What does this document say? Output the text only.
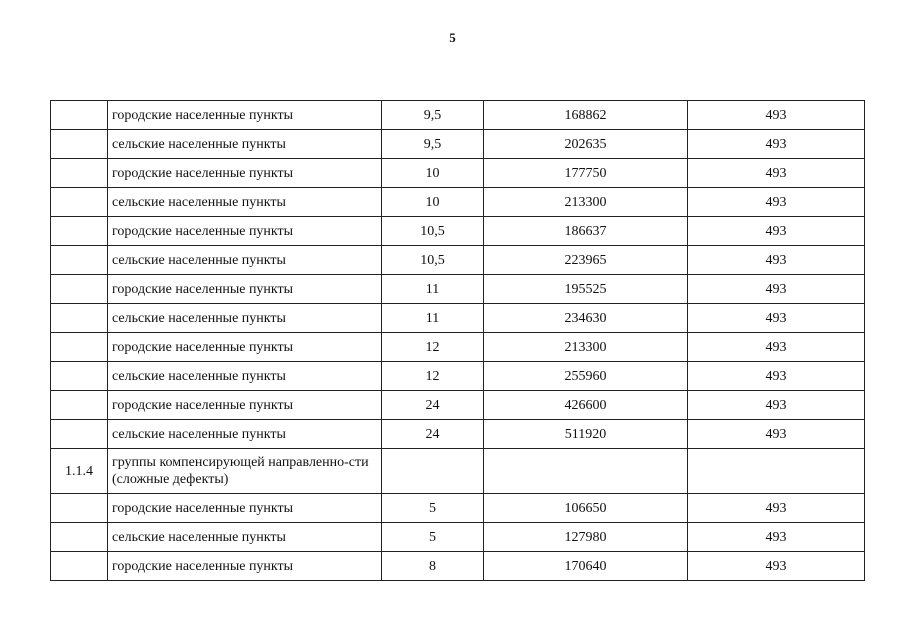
5
	городские населенные пункты	9,5	168862	493
	сельские населенные пункты	9,5	202635	493
	городские населенные пункты	10	177750	493
	сельские населенные пункты	10	213300	493
	городские населенные пункты	10,5	186637	493
	сельские населенные пункты	10,5	223965	493
	городские населенные пункты	11	195525	493
	сельские населенные пункты	11	234630	493
	городские населенные пункты	12	213300	493
	сельские населенные пункты	12	255960	493
	городские населенные пункты	24	426600	493
	сельские населенные пункты	24	511920	493
1.1.4	группы компенсирующей направленно-сти (сложные дефекты)			
	городские населенные пункты	5	106650	493
	сельские населенные пункты	5	127980	493
	городские населенные пункты	8	170640	493
